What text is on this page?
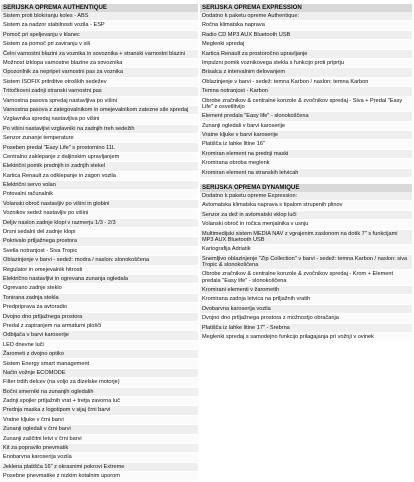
SERIJSKA OPREMA AUTHENTIQUE
Sistem proti blokiranju koles - ABS
Sistem za nadzor stabilnosti vozila - ESP
Pomoč pri speljevanju v klanec
Sistem za pomoč pri zaviranju v sili
Čelni varnostni blazini za voznika in sovoznika + stranski varnostni blazini
Možnost izklopa varnostne blazine za sovoznika
Opozorilnik za nepripet varnostni pas za voznika
Sistem ISOFIX pritrditve otroških sedežev
Tritočkovni zadnji stranski varnostni pas
Varnostna pasova spredaj nastavljiva po višini
Varnostna pasova z zategovalnikom in omejevalnikom zatezne sile spredaj
Vzglavnika spredaj nastavljiva po višini
Po višini nastavljivi vzglavniki na zadnjih treh sedežih
Senzor zunanje temperature
Poseben predal "Easy Life" s prostornino 11L
Centralno zaklepanje z daljinskim upravljanjem
Električni pomik prednjih in zadnjih stekel
Kartica Renault za odklepanje in zagon vozila
Električni servo volan
Potovalni računalnik
Volanski obroč nastavljiv po višini in globini
Voznikov sedež nastavljiv po višini
Deljiv naslon zadnje klopi v razmerju 1/3 - 2/3
Drsni sedalni del zadnje klopi
Pokrivalo prtljažnega prostora
Svetla notranjost - Siva Tropic
Oblazinjenje v barvi - sedež: modra / naslon: slonokoščena
Regulator in omejevalnik hitrosti
Električno nastavljivi in ogrevana zunanja ogledala
Ogrevano zadnje steklo
Tonirana zadnja stekla
Predpriprava za avtoradio
Dvojno dno prtljažnega prostora
Predal z zapiranjem na armaturni plošči
Odbijača v barvi karoserije
LED dnevne luči
Žarometi z dvojno optiko
Sistem Energy smart management
Način vožnje ECOMODE
Filter trdih delcev (na voljo za dizelske motorje)
Bočni smerniki na zunanjih ogledalih
Zadnji spojler prtljažnih vrat + tretja zavorna luč
Prednja maska z logotipom v sijaj črni barvi
Vratne kljuke v črni barvi
Zunanji ogledali v črni barvi
Zunanji zaščitni letvi v črni barvi
Kit za popravilo pnevmatik
Enobarvna karoserija vozila
Jeklena platišča 16" z okrasnimi pokrovi Extreme
Posebne pnevmatike z nizkim kotalnim uporom
SERIJSKA OPREMA EXPRESSION
Dodatno k paketu opreme Authentique:
Ročna klimatska naprava
Radio CD MP3 AUX Bluetooth USB
Meglenki spredaj
Kartica Renault za prostoročno upravljanje
Impulzni pomik voznikovega stekla s funkcijo proti priprtju
Brisalca z intervalnim delovanjem
Oblazinjenje v barvi - sedež: temna Karbon / naslon: temna Karbon
Temna notranjost - Karbon
Obrobe zračnikov & centralne konzole & zvočnikov spredaj - Siva + Predal "Easy Life" z osvetlitvijo
Element predala "Easy life" - slonokoščena
Zunanji ogledali v barvi karoserije
Vratne kljuke v barvi karoserije
Platišča iz lahke litine 16"
Kromiran element na prednji maski
Kromirana obroba meglenk
Kromiran element na stranskih letvicah
SERIJSKA OPREMA DYNAMIQUE
Dodatno k paketu opreme Expression:
Avtomatska klimatska naprava s tipalom strupenih plinov
Senzor za dež in avtomatski vklop luči
Volanski obroč in ročica menjalnika v usnju
Multimedijski sistem MEDIA NAV z vgrajenim zaslonom na dotik 7" s funkcijami MP3 AUX Bluetooth USB
Kartografija Adriatik
Snemljivo oblazinjenje "Zip Collection" v barvi - sedež: temna Karbon / naslon: siva Tropic & slonokoščena
Obrobe zračnikov & centralne konzole & zvočnikov spredaj - Krom + Element predala "Easy life" - slonokoščena
Kromirani elementi v žarometih
Kromirana zadnja letvica na prtljažnih vratih
Dvobarvna karoserija vozila
Dvojno dno prtljažnega prostora z možnostjo obračanja
Platišča iz lahke litine 17" - Srebrna
Meglenki spredaj s samodejno funkcijo prilagajanja pri vožnji v ovinek
